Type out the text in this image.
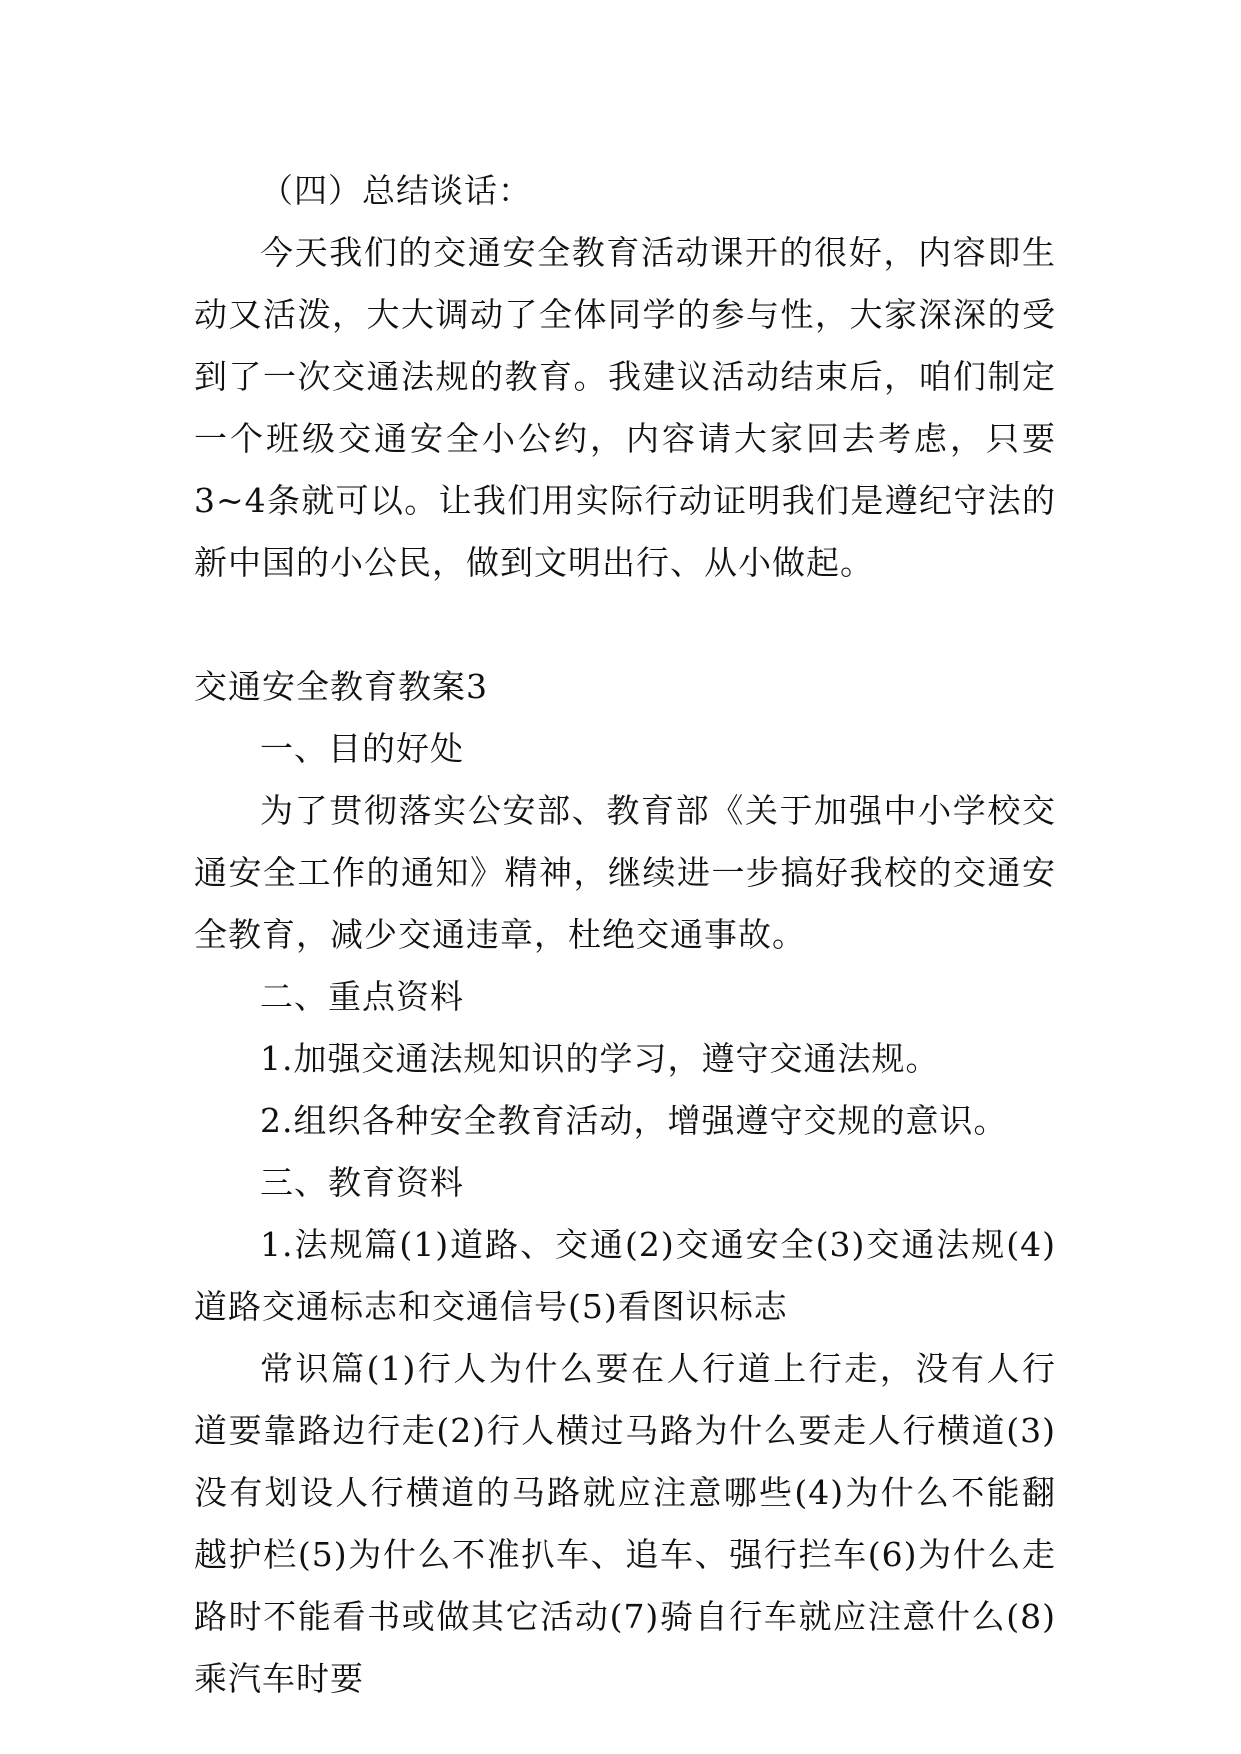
（四）总结谈话：

今天我们的交通安全教育活动课开的很好，内容即生动又活泼，大大调动了全体同学的参与性，大家深深的受到了一次交通法规的教育。我建议活动结束后，咱们制定一个班级交通安全小公约，内容请大家回去考虑，只要3~4条就可以。让我们用实际行动证明我们是遵纪守法的新中国的小公民，做到文明出行、从小做起。

交通安全教育教案3

一、目的好处

为了贯彻落实公安部、教育部《关于加强中小学校交通安全工作的通知》精神，继续进一步搞好我校的交通安全教育，减少交通违章，杜绝交通事故。

二、重点资料

1.加强交通法规知识的学习，遵守交通法规。

2.组织各种安全教育活动，增强遵守交规的意识。

三、教育资料

1.法规篇(1)道路、交通(2)交通安全(3)交通法规(4)道路交通标志和交通信号(5)看图识标志

常识篇(1)行人为什么要在人行道上行走，没有人行道要靠路边行走(2)行人横过马路为什么要走人行横道(3)没有划设人行横道的马路就应注意哪些(4)为什么不能翻越护栏(5)为什么不准扒车、追车、强行拦车(6)为什么走路时不能看书或做其它活动(7)骑自行车就应注意什么(8)乘汽车时要
